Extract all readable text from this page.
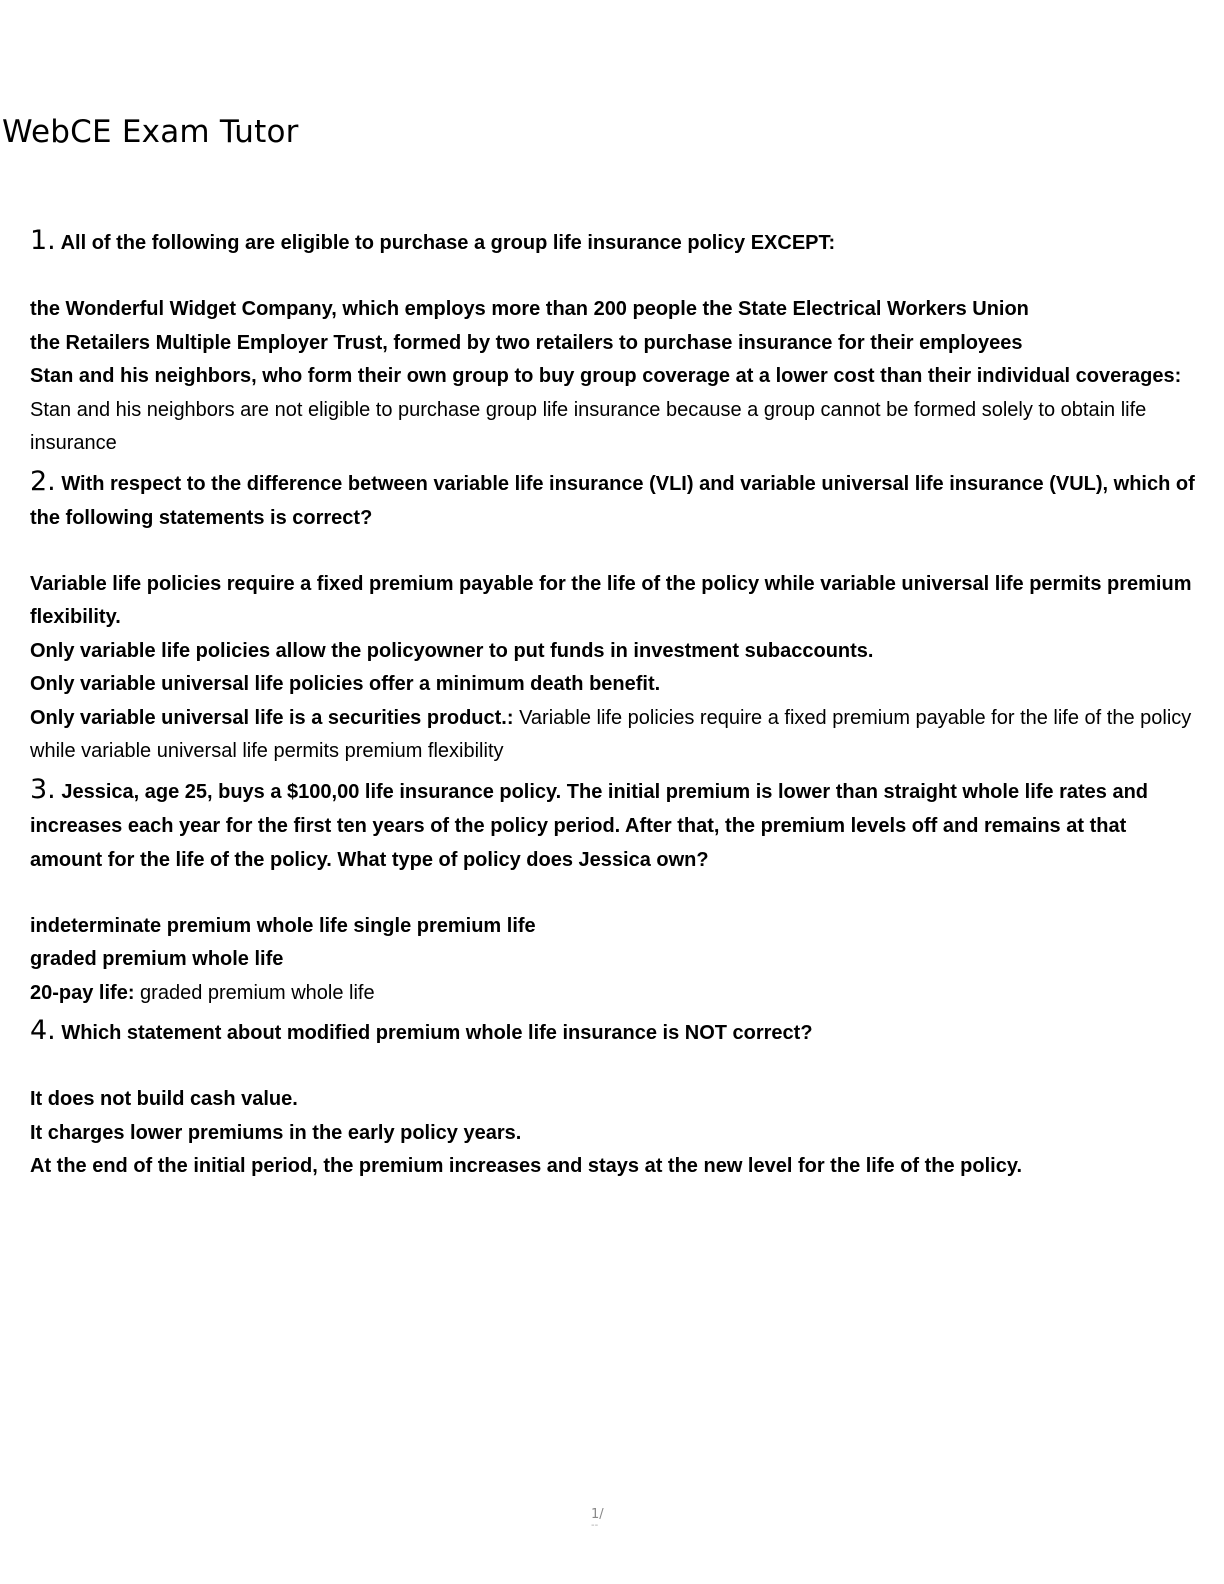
WebCE Exam Tutor

1. All of the following are eligible to purchase a group life insurance policy EXCEPT:

the Wonderful Widget Company, which employs more than 200 people the State Electrical Workers Union

the Retailers Multiple Employer Trust, formed by two retailers to purchase insurance for their employees

Stan and his neighbors, who form their own group to buy group coverage at a lower cost than their individual coverages: Stan and his neighbors are not eligible to purchase group life insurance because a group cannot be formed solely to obtain life insurance

2. With respect to the difference between variable life insurance (VLI) and variable universal life insurance (VUL), which of the following statements is correct?

Variable life policies require a fixed premium payable for the life of the policy while variable universal life permits premium flexibility.

Only variable life policies allow the policyowner to put funds in investment subaccounts.

Only variable universal life policies offer a minimum death benefit.

Only variable universal life is a securities product.: Variable life policies require a fixed premium payable for the life of the policy while variable universal life permits premium flexibility

3. Jessica, age 25, buys a $100,00 life insurance policy. The initial premium is lower than straight whole life rates and increases each year for the first ten years of the policy period. After that, the premium levels off and remains at that amount for the life of the policy. What type of policy does Jessica own?

indeterminate premium whole life single premium life

graded premium whole life

20-pay life: graded premium whole life

4. Which statement about modified premium whole life insurance is NOT correct?

It does not build cash value.

It charges lower premiums in the early policy years.

At the end of the initial period, the premium increases and stays at the new level for the life of the policy.

1/
--
